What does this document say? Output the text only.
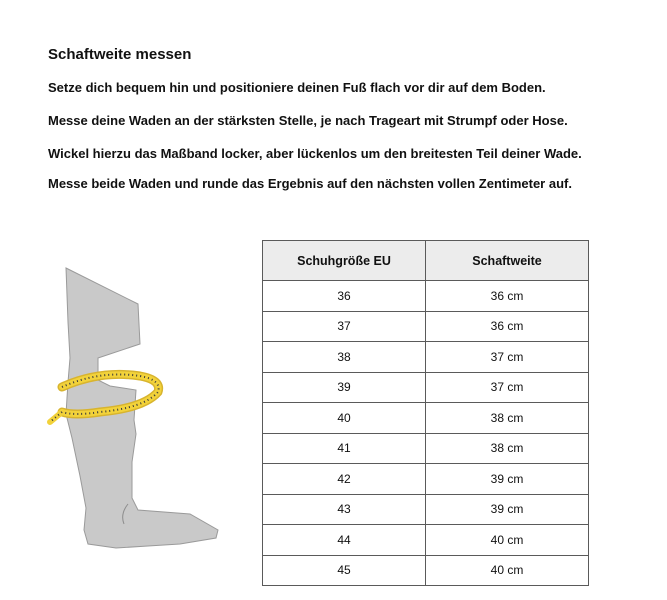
Schaftweite messen
Setze dich bequem hin und positioniere deinen Fuß flach vor dir auf dem Boden.
Messe deine Waden an der stärksten Stelle, je nach Trageart mit Strumpf oder Hose.
Wickel hierzu das Maßband locker, aber lückenlos um den breitesten Teil deiner Wade.
Messe beide Waden und runde das Ergebnis auf den nächsten vollen Zentimeter auf.
Schuhgröße EU	Schaftweite
36	36 cm
37	36 cm
38	37 cm
39	37 cm
40	38 cm
41	38 cm
42	39 cm
43	39 cm
44	40 cm
45	40 cm
